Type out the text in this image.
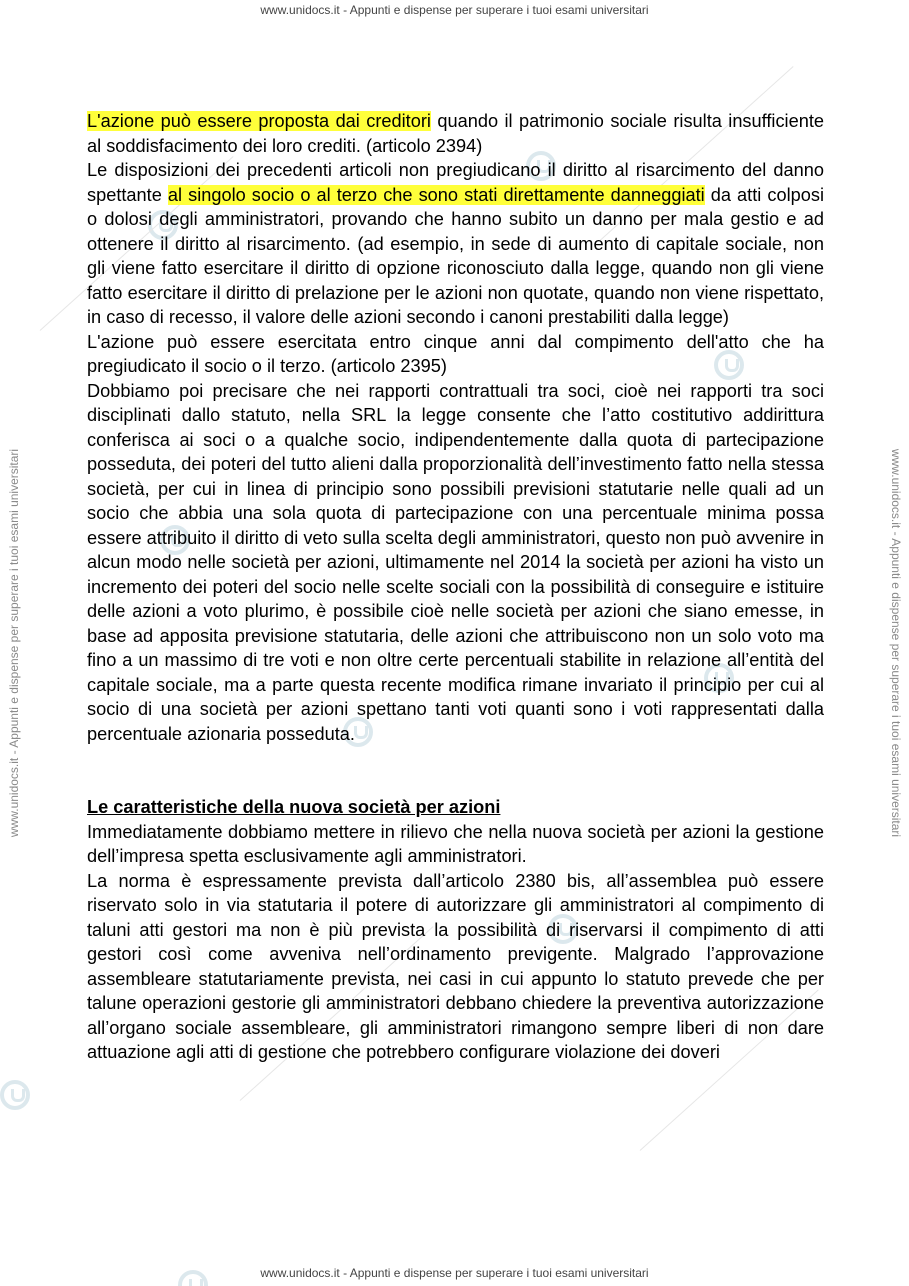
www.unidocs.it - Appunti e dispense per superare i tuoi esami universitari
www.unidocs.it - Appunti e dispense per superare i tuoi esami universitari
www.unidocs.it - Appunti e dispense per superare i tuoi esami universitari	www.unidocs.it - Appunti e dispense per superare i tuoi esami universitari

L'azione può essere proposta dai creditori quando il patrimonio sociale risulta insufficiente al soddisfacimento dei loro crediti. (articolo 2394)

Le disposizioni dei precedenti articoli non pregiudicano il diritto al risarcimento del danno spettante al singolo socio o al terzo che sono stati direttamente danneggiati da atti colposi o dolosi degli amministratori, provando che hanno subito un danno per mala gestio e ad ottenere il diritto al risarcimento. (ad esempio, in sede di aumento di capitale sociale, non gli viene fatto esercitare il diritto di opzione riconosciuto dalla legge, quando non gli viene fatto esercitare il diritto di prelazione per le azioni non quotate, quando non viene rispettato, in caso di recesso, il valore delle azioni secondo i canoni prestabiliti dalla legge)

L'azione può essere esercitata entro cinque anni dal compimento dell'atto che ha pregiudicato il socio o il terzo. (articolo 2395)

Dobbiamo poi precisare che nei rapporti contrattuali tra soci, cioè nei rapporti tra soci disciplinati dallo statuto, nella SRL la legge consente che l’atto costitutivo addirittura conferisca ai soci o a qualche socio, indipendentemente dalla quota di partecipazione posseduta, dei poteri del tutto alieni dalla proporzionalità dell’investimento fatto nella stessa società, per cui in linea di principio sono possibili previsioni statutarie nelle quali ad un socio che abbia una sola quota di partecipazione con una percentuale minima possa essere attribuito il diritto di veto sulla scelta degli amministratori, questo non può avvenire in alcun modo nelle società per azioni, ultimamente nel 2014 la società per azioni ha visto un incremento dei poteri del socio nelle scelte sociali con la possibilità di conseguire e istituire delle azioni a voto plurimo, è possibile cioè nelle società per azioni che siano emesse, in base ad apposita previsione statutaria, delle azioni che attribuiscono non un solo voto ma fino a un massimo di tre voti e non oltre certe percentuali stabilite in relazione all’entità del capitale sociale, ma a parte questa recente modifica rimane invariato il principio per cui al socio di una società per azioni spettano tanti voti quanti sono i voti rappresentati dalla percentuale azionaria posseduta.

Le caratteristiche della nuova società per azioni

Immediatamente dobbiamo mettere in rilievo che nella nuova società per azioni la gestione dell’impresa spetta esclusivamente agli amministratori.

La norma è espressamente prevista dall’articolo 2380 bis, all’assemblea può essere riservato solo in via statutaria il potere di autorizzare gli amministratori al compimento di taluni atti gestori ma non è più prevista la possibilità di riservarsi il compimento di atti gestori così come avveniva nell’ordinamento previgente. Malgrado l’approvazione assembleare statutariamente prevista, nei casi in cui appunto lo statuto prevede che per talune operazioni gestorie gli amministratori debbano chiedere la preventiva autorizzazione all’organo sociale assembleare, gli amministratori rimangono sempre liberi di non dare attuazione agli atti di gestione che potrebbero configurare violazione dei doveri
